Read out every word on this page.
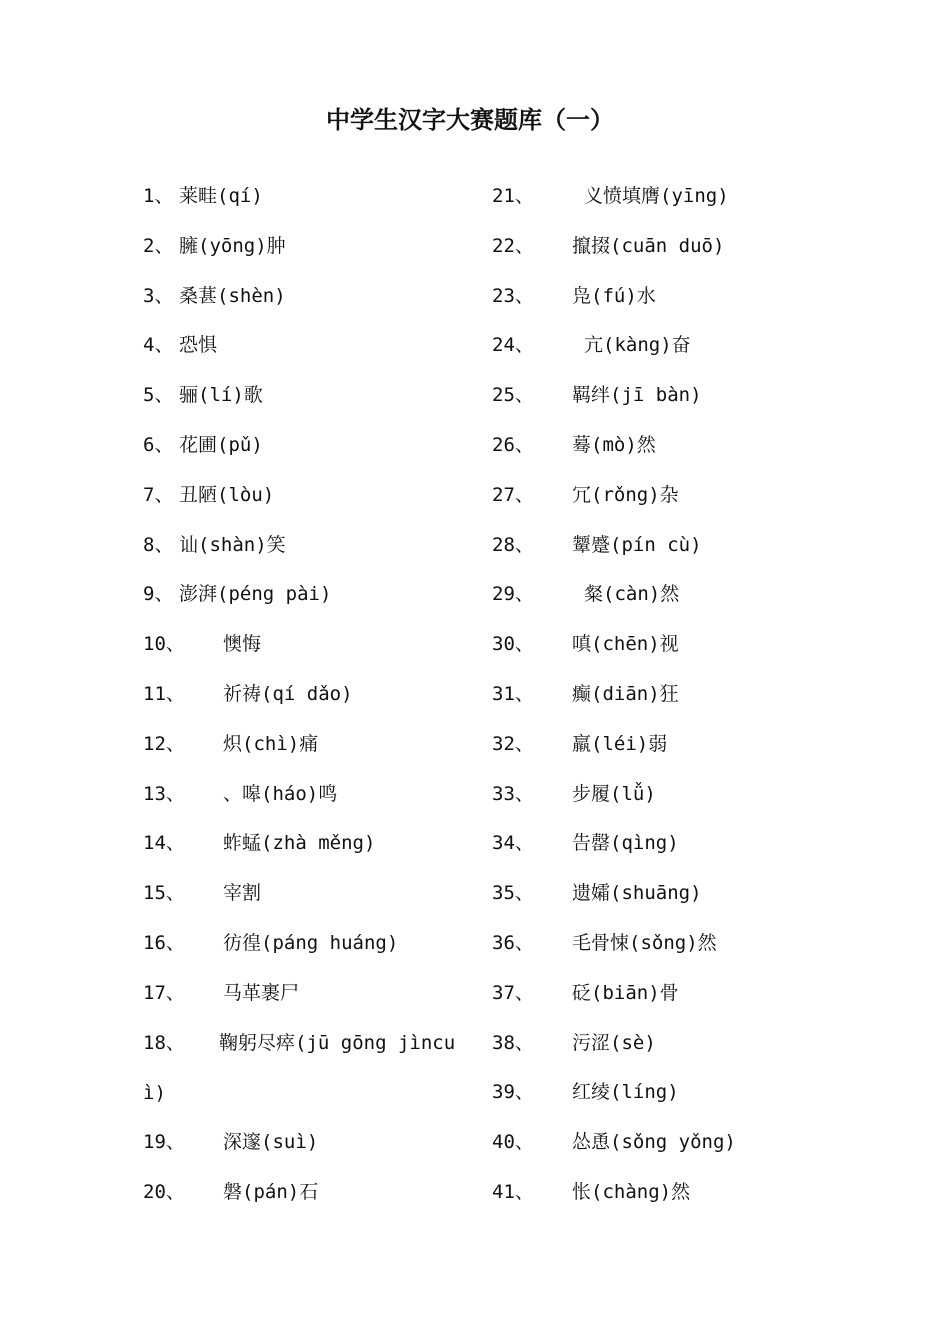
中学生汉字大赛题库（一）
1、 莱畦(qí)
2、 臃(yōng)肿
3、 桑葚(shèn)
4、 恐惧
5、 骊(lí)歌
6、 花圃(pǔ)
7、 丑陋(lòu)
8、 讪(shàn)笑
9、 澎湃(péng pài)
10、 懊悔
11、 祈祷(qí dǎo)
12、 炽(chì)痛
13、 、嗥(háo)鸣
14、 蚱蜢(zhà měng)
15、 宰割
16、 彷徨(páng huáng)
17、 马革裹尸
18、 鞠躬尽瘁(jū gōng jìncu
ì)
19、 深邃(suì)
20、 磐(pán)石
21、	义愤填膺(yīng)
22、 攛掇(cuān duō)
23、 凫(fú)水
24、	亢(kàng)奋
25、 羁绊(jī bàn)
26、 蓦(mò)然
27、 冗(rǒng)杂
28、 颦蹙(pín cù)
29、	粲(càn)然
30、 嗔(chēn)视
31、 癫(diān)狂
32、 羸(léi)弱
33、 步履(lǚ)
34、 告罄(qìng)
35、 遗孀(shuāng)
36、 毛骨悚(sǒng)然
37、 砭(biān)骨
38、 污涩(sè)
39、 红绫(líng)
40、 怂恿(sǒng yǒng)
41、 怅(chàng)然
